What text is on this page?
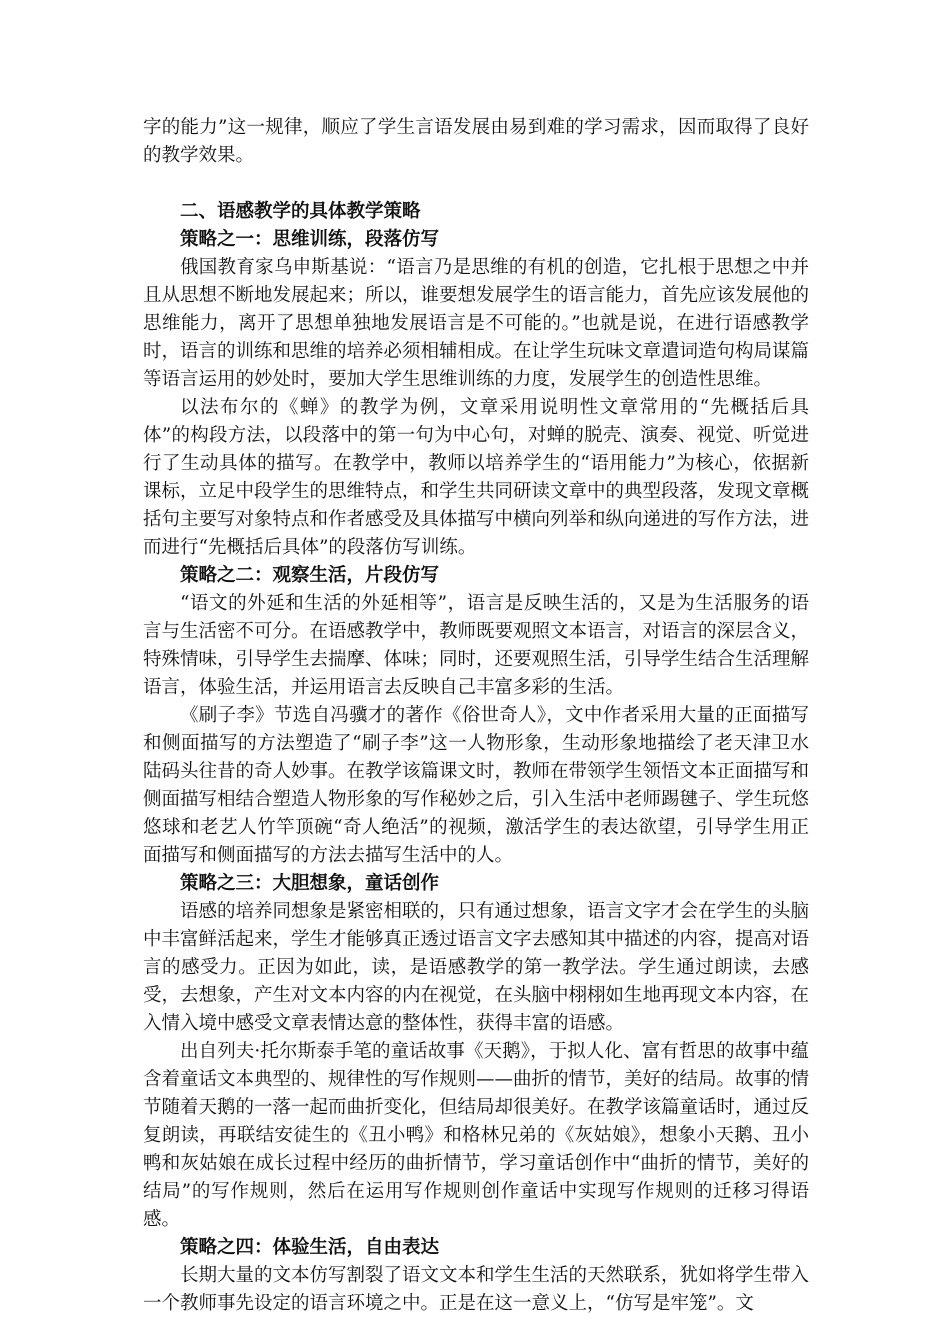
字的能力”这一规律，顺应了学生言语发展由易到难的学习需求，因而取得了良好的教学效果。

二、语感教学的具体教学策略

策略之一：思维训练，段落仿写

俄国教育家乌申斯基说：“语言乃是思维的有机的创造，它扎根于思想之中并且从思想不断地发展起来；所以，谁要想发展学生的语言能力，首先应该发展他的思维能力，离开了思想单独地发展语言是不可能的。”也就是说，在进行语感教学时，语言的训练和思维的培养必须相辅相成。在让学生玩味文章遣词造句构局谋篇等语言运用的妙处时，要加大学生思维训练的力度，发展学生的创造性思维。

以法布尔的《蝉》的教学为例，文章采用说明性文章常用的“先概括后具体”的构段方法，以段落中的第一句为中心句，对蝉的脱壳、演奏、视觉、听觉进行了生动具体的描写。在教学中，教师以培养学生的“语用能力”为核心，依据新课标，立足中段学生的思维特点，和学生共同研读文章中的典型段落，发现文章概括句主要写对象特点和作者感受及具体描写中横向列举和纵向递进的写作方法，进而进行“先概括后具体”的段落仿写训练。

策略之二：观察生活，片段仿写

“语文的外延和生活的外延相等”，语言是反映生活的，又是为生活服务的语言与生活密不可分。在语感教学中，教师既要观照文本语言，对语言的深层含义，特殊情味，引导学生去揣摩、体味；同时，还要观照生活，引导学生结合生活理解语言，体验生活，并运用语言去反映自己丰富多彩的生活。

《刷子李》节选自冯骥才的著作《俗世奇人》，文中作者采用大量的正面描写和侧面描写的方法塑造了“刷子李”这一人物形象，生动形象地描绘了老天津卫水陆码头往昔的奇人妙事。在教学该篇课文时，教师在带领学生领悟文本正面描写和侧面描写相结合塑造人物形象的写作秘妙之后，引入生活中老师踢毽子、学生玩悠悠球和老艺人竹竿顶碗“奇人绝活”的视频，激活学生的表达欲望，引导学生用正面描写和侧面描写的方法去描写生活中的人。

策略之三：大胆想象，童话创作

语感的培养同想象是紧密相联的，只有通过想象，语言文字才会在学生的头脑中丰富鲜活起来，学生才能够真正透过语言文字去感知其中描述的内容，提高对语言的感受力。正因为如此，读，是语感教学的第一教学法。学生通过朗读，去感受，去想象，产生对文本内容的内在视觉，在头脑中栩栩如生地再现文本内容，在入情入境中感受文章表情达意的整体性，获得丰富的语感。

出自列夫·托尔斯泰手笔的童话故事《天鹅》，于拟人化、富有哲思的故事中蕴含着童话文本典型的、规律性的写作规则——曲折的情节，美好的结局。故事的情节随着天鹅的一落一起而曲折变化，但结局却很美好。在教学该篇童话时，通过反复朗读，再联结安徒生的《丑小鸭》和格林兄弟的《灰姑娘》，想象小天鹅、丑小鸭和灰姑娘在成长过程中经历的曲折情节，学习童话创作中“曲折的情节，美好的结局”的写作规则，然后在运用写作规则创作童话中实现写作规则的迁移习得语感。

策略之四：体验生活，自由表达

长期大量的文本仿写割裂了语文文本和学生生活的天然联系，犹如将学生带入一个教师事先设定的语言环境之中。正是在这一意义上，“仿写是牢笼”。文
